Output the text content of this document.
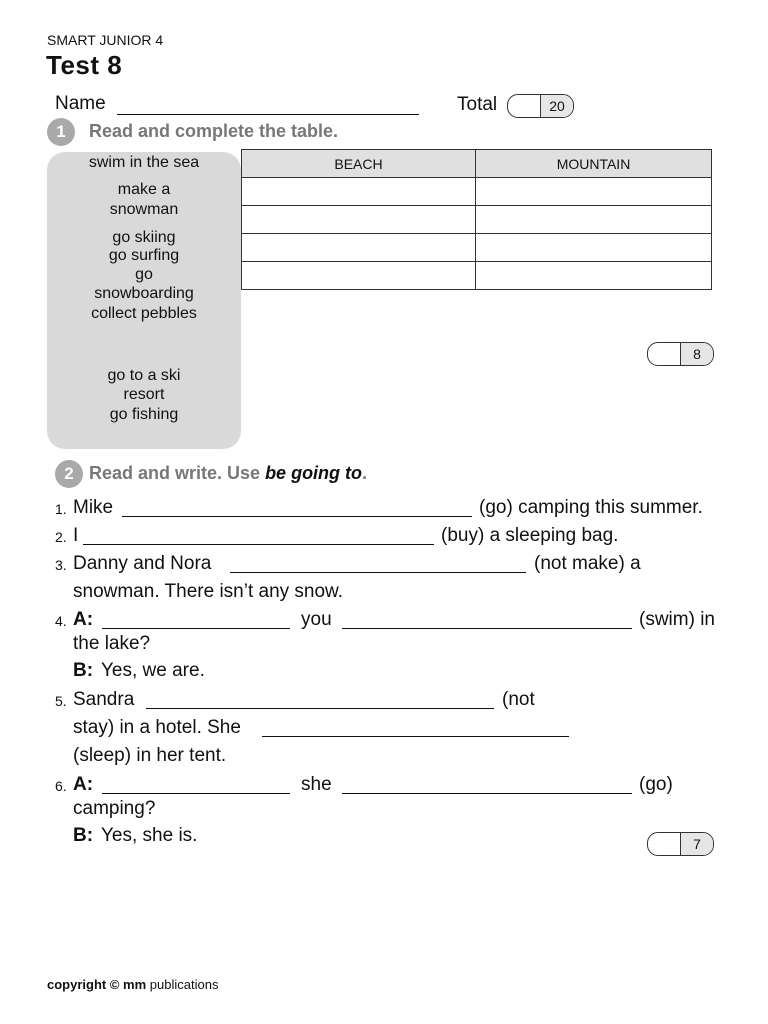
SMART JUNIOR 4
Test 8
Name	Total	20
swim in the sea
make a
snowman
go skiing
go surfing
go
snowboarding
collect pebbles
go to a ski
resort
go fishing
1	Read and complete the table.
BEACH	MOUNTAIN

8
2 Read and write. Use be going to.
1. Mike	(go) camping this summer.
2. I	(buy) a sleeping bag.
3. Danny and Nora	(not make) a
snowman. There isn’t any snow.
4. A:	you	(swim) in
the lake?
B: Yes, we are.
5. Sandra	(not
stay) in a hotel. She
(sleep) in her tent.
6. A:	she	(go)
camping?
B: Yes, she is.	7
copyright © mm publications
